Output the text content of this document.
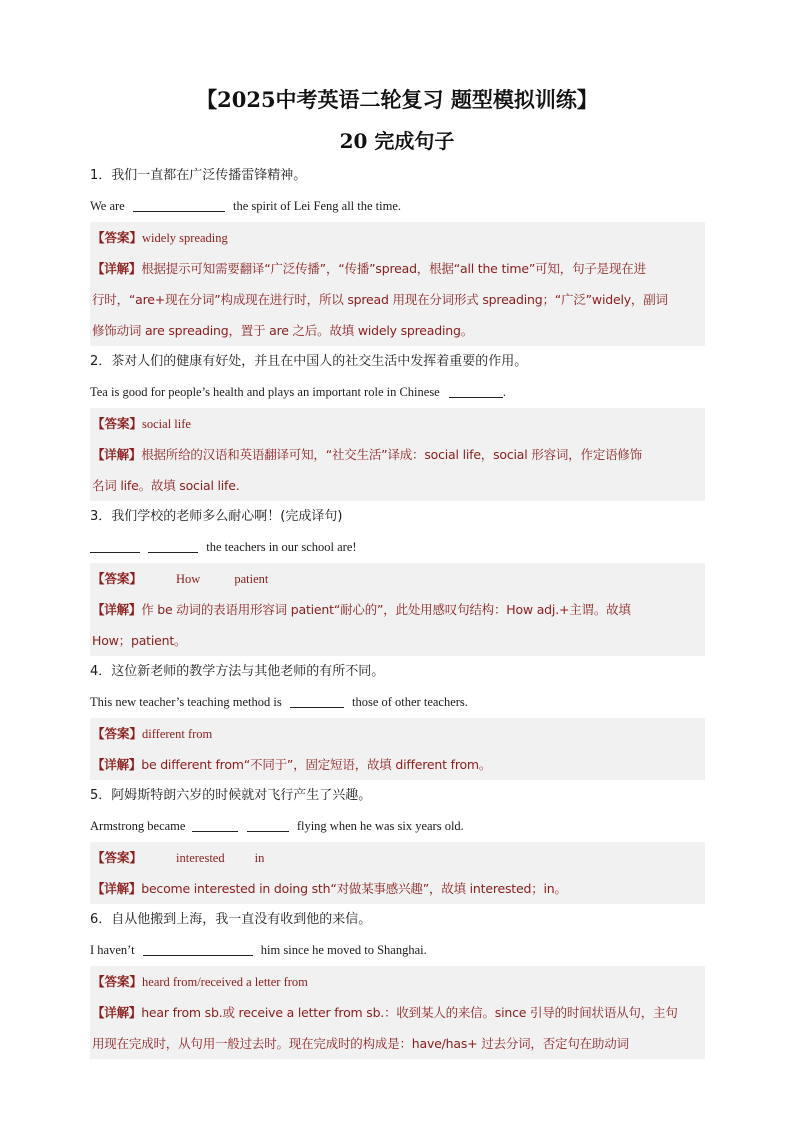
【2025中考英语二轮复习 题型模拟训练】
20 完成句子
1．我们一直都在广泛传播雷锋精神。
We are	the spirit of Lei Feng all the time.
【答案】widely spreading
【详解】根据提示可知需要翻译“广泛传播”，“传播”spread，根据“all the time”可知，句子是现在进
行时，“are+现在分词”构成现在进行时，所以 spread 用现在分词形式 spreading；“广泛”widely，副词
修饰动词 are spreading，置于 are 之后。故填 widely spreading。
2．茶对人们的健康有好处，并且在中国人的社交生活中发挥着重要的作用。
Tea is good for people’s health and plays an important role in Chinese	.
【答案】social life
【详解】根据所给的汉语和英语翻译可知，“社交生活”译成：social life，social 形容词，作定语修饰
名词 life。故填 social life.
3．我们学校的老师多么耐心啊！(完成译句)
the teachers in our school are!
【答案】	How	patient
【详解】作 be 动词的表语用形容词 patient“耐心的”，此处用感叹句结构：How adj.+主谓。故填
How；patient。
4．这位新老师的教学方法与其他老师的有所不同。
This new teacher’s teaching method is	those of other teachers.
【答案】different from
【详解】be different from“不同于”，固定短语，故填 different from。
5．阿姆斯特朗六岁的时候就对飞行产生了兴趣。
Armstrong became	flying when he was six years old.
【答案】	interested in
【详解】become interested in doing sth“对做某事感兴趣”，故填 interested；in。
6．自从他搬到上海，我一直没有收到他的来信。
I haven’t	him since he moved to Shanghai.
【答案】heard from/received a letter from
【详解】hear from sb.或 receive a letter from sb.：收到某人的来信。since 引导的时间状语从句，主句
用现在完成时，从句用一般过去时。现在完成时的构成是：have/has+ 过去分词，否定句在助动词
